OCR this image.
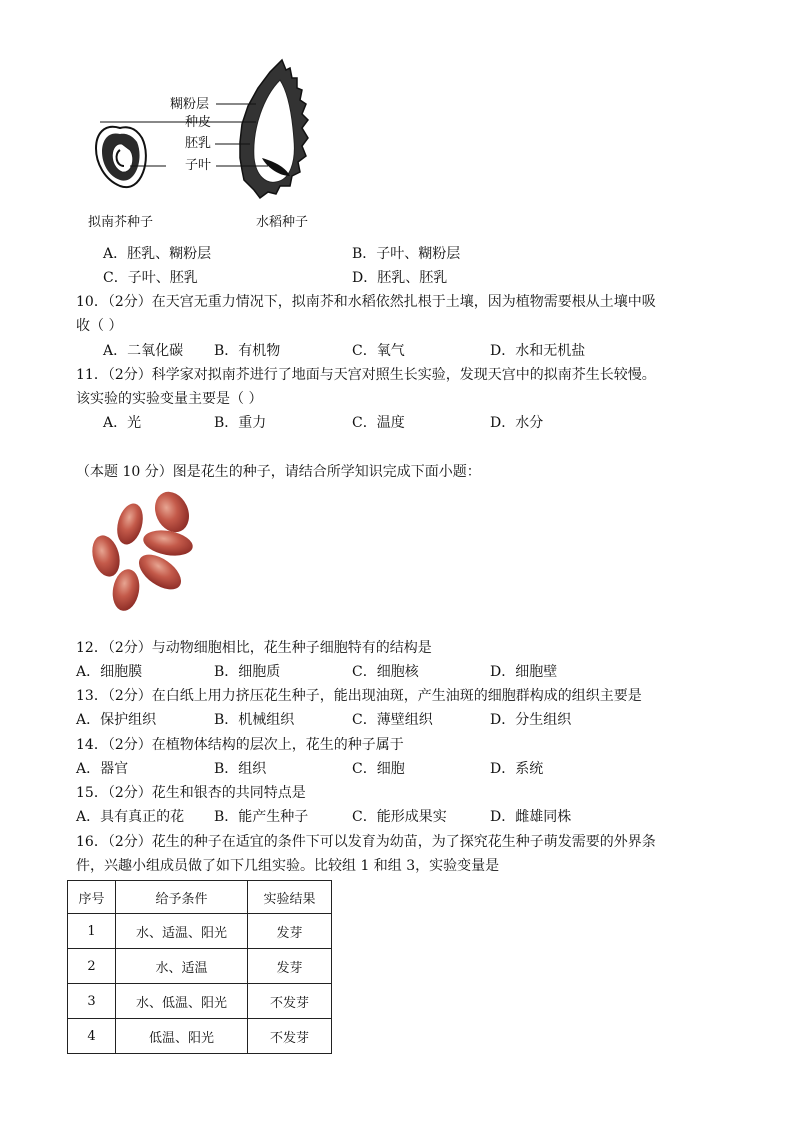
糊粉层
种皮
胚乳
子叶
拟南芥种子	水稻种子
A．胚乳、糊粉层	B．子叶、糊粉层
C．子叶、胚乳	D．胚乳、胚乳
10．（2分）在天宫无重力情况下，拟南芥和水稻依然扎根于土壤，因为植物需要根从土壤中吸
收（ ）
A．二氧化碳 B．有机物	C．氧气	D．水和无机盐
11．（2分）科学家对拟南芥进行了地面与天宫对照生长实验，发现天宫中的拟南芥生长较慢。
该实验的实验变量主要是（ ）
A．光	B．重力	C．温度	D．水分
（本题 10 分）图是花生的种子，请结合所学知识完成下面小题：
12．（2分）与动物细胞相比，花生种子细胞特有的结构是
A．细胞膜	B．细胞质	C．细胞核	D．细胞壁
13．（2分）在白纸上用力挤压花生种子，能出现油斑，产生油斑的细胞群构成的组织主要是
A．保护组织	B．机械组织	C．薄壁组织	D．分生组织
14．（2分）在植物体结构的层次上，花生的种子属于
A．器官	B．组织	C．细胞	D．系统
15．（2分）花生和银杏的共同特点是
A．具有真正的花 B．能产生种子	C．能形成果实	D．雌雄同株
16．（2分）花生的种子在适宜的条件下可以发育为幼苗，为了探究花生种子萌发需要的外界条
件，兴趣小组成员做了如下几组实验。比较组 1 和组 3，实验变量是
序号	给予条件	实验结果
1	水、适温、阳光	发芽
2	水、适温	发芽
3	水、低温、阳光	不发芽
4	低温、阳光	不发芽
